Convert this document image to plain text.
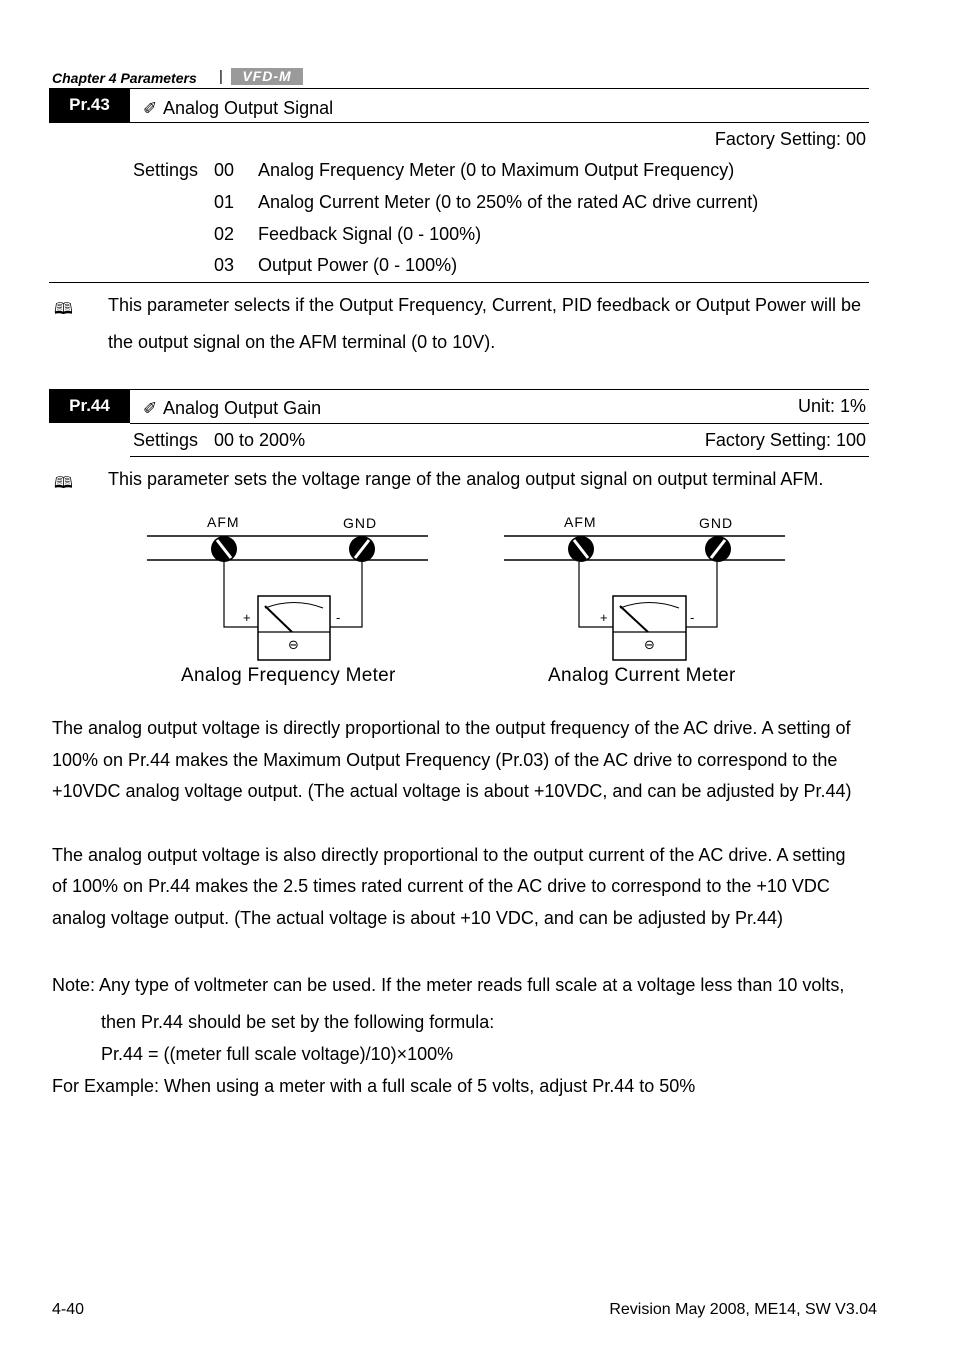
Chapter 4 Parameters |	VFD-M
Pr.43	✐ Analog Output Signal
Factory Setting: 00
Settings 00 Analog Frequency Meter (0 to Maximum Output Frequency)
01 Analog Current Meter (0 to 250% of the rated AC drive current)
02 Feedback Signal (0 - 100%)
03 Output Power (0 - 100%)
🕮 This parameter selects if the Output Frequency, Current, PID feedback or Output Power will be
the output signal on the AFM terminal (0 to 10V).
Pr.44	✐ Analog Output Gain	Unit: 1%
Settings 00 to 200%	Factory Setting: 100
🕮 This parameter sets the voltage range of the analog output signal on output terminal AFM.
AFM	GND
+	-
⊖
Analog Frequency Meter
AFM	GND
+	-
⊖
Analog Current Meter
The analog output voltage is directly proportional to the output frequency of the AC drive. A setting of
100% on Pr.44 makes the Maximum Output Frequency (Pr.03) of the AC drive to correspond to the
+10VDC analog voltage output. (The actual voltage is about +10VDC, and can be adjusted by Pr.44)
The analog output voltage is also directly proportional to the output current of the AC drive. A setting
of 100% on Pr.44 makes the 2.5 times rated current of the AC drive to correspond to the +10 VDC
analog voltage output. (The actual voltage is about +10 VDC, and can be adjusted by Pr.44)
Note: Any type of voltmeter can be used. If the meter reads full scale at a voltage less than 10 volts,
then Pr.44 should be set by the following formula:
Pr.44 = ((meter full scale voltage)/10)×100%
For Example: When using a meter with a full scale of 5 volts, adjust Pr.44 to 50%
4-40	Revision May 2008, ME14, SW V3.04
